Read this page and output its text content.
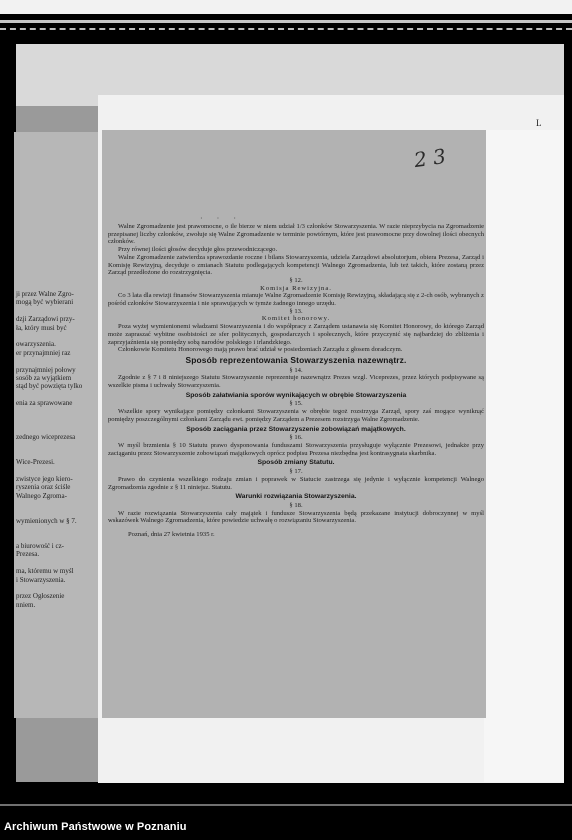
ji przez Walne Zgro-
mogą być wybierani
dzji Zarządowi przy-
ła, który musi być
owarzyszenia.
er przynajmniej raz
przynajmniej połowy
sosób za wyjątkiem
stąd być powzięta tylko
enia za sprawowane
zednego wiceprezesa
Wice-Prezesi.
zwistyce jego kiero-
ryszenia oraz ściśle
Walnego Zgroma-
wymienionych w § 7.
a biurowość i cz-
Prezesa.
ma, któremu w myśl
i Stowarzyszenia.
przez Ogłoszenie
nniem.

Walne Zgromadzenie jest prawomocne, o ile bierze w niem udział 1/3 członków Stowarzyszenia. W razie nieprzybycia na Zgromadzenie przepisanej liczby członków, zwołuje się Walne Zgromadzenie w terminie powtórnym, które jest prawomocne przy dowolnej ilości obecnych członków.

Przy równej ilości głosów decyduje głos przewodniczącego.

Walne Zgromadzenie zatwierdza sprawozdanie roczne i bilans Stowarzyszenia, udziela Zarządowi absolutorjum, obiera Prezesa, Zarząd i Komisję Rewizyjną, decyduje o zmianach Statutu podlegających kompetencji Walnego Zgromadzenia, lub też takich, które zostaną przez Zarząd przedłożone do rozstrzygnięcia.

§ 12.

Komisja Rewizyjna.

Co 3 lata dla rewizji finansów Stowarzyszenia mianuje Walne Zgromadzenie Komisję Rewizyjną, składającą się z 2-ch osób, wybranych z pośród członków Stowarzyszenia i nie sprawujących w tymże żadnego innego urzędu.

§ 13.

Komitet honorowy.

Poza wyżej wymienionemi władzami Stowarzyszenia i do współpracy z Zarządem ustanawia się Komitet Honorowy, do którego Zarząd może zapraszać wybitne osobistości ze sfer politycznych, gospodarczych i społecznych, które przyczynić się najbardziej do zbliżenia i zaprzyjaźnienia się pomiędzy sobą narodów polskiego i irlandzkiego.

Członkowie Komitetu Honorowego mają prawo brać udział w posiedzeniach Zarządu z głosem doradczym.

Sposób reprezentowania Stowarzyszenia nazewnątrz.

§ 14.

Zgodnie z § 7 i 8 niniejszego Statutu Stowarzyszenie reprezentuje nazewnątrz Prezes wzgl. Viceprezes, przez których podpisywane są wszelkie pisma i uchwały Stowarzyszenia.

Sposób załatwiania sporów wynikających w obrębie Stowarzyszenia

§ 15.

Wszelkie spory wynikające pomiędzy członkami Stowarzyszenia w obrębie tegoż rozstrzyga Zarząd, spory zaś mogące wyniknąć pomiędzy poszczególnymi członkami Zarządu ewt. pomiędzy Zarządem a Prezesem rozstrzyga Walne Zgromadzenie.

Sposób zaciągania przez Stowarzyszenie zobowiązań majątkowych.

§ 16.

W myśl brzmienia § 10 Statutu prawo dysponowania funduszami Stowarzyszenia przysługuje wyłącznie Prezesowi, jednakże przy zaciąganiu przez Stowarzyszenie zobowiązań majątkowych oprócz podpisu Prezesa niezbędna jest kontrasygnata skarbnika.

Sposób zmiany Statutu.

§ 17.

Prawo do czynienia wszelkiego rodzaju zmian i poprawek w Statucie zastrzega się jedynie i wyłącznie kompetencji Walnego Zgromadzenia zgodnie z § 11 niniejsz. Statutu.

Warunki rozwiązania Stowarzyszenia.

§ 18.

W razie rozwiązania Stowarzyszenia cały majątek i fundusze Stowarzyszenia będą przekazane instytucji dobroczynnej w myśl wskazówek Walnego Zgromadzenia, które powiedzie uchwałę o rozwiązaniu Stowarzyszenia.

Poznań, dnia 27 kwietnia 1935 r.

2 3
· · ·
L
Archiwum Państwowe w Poznaniu
